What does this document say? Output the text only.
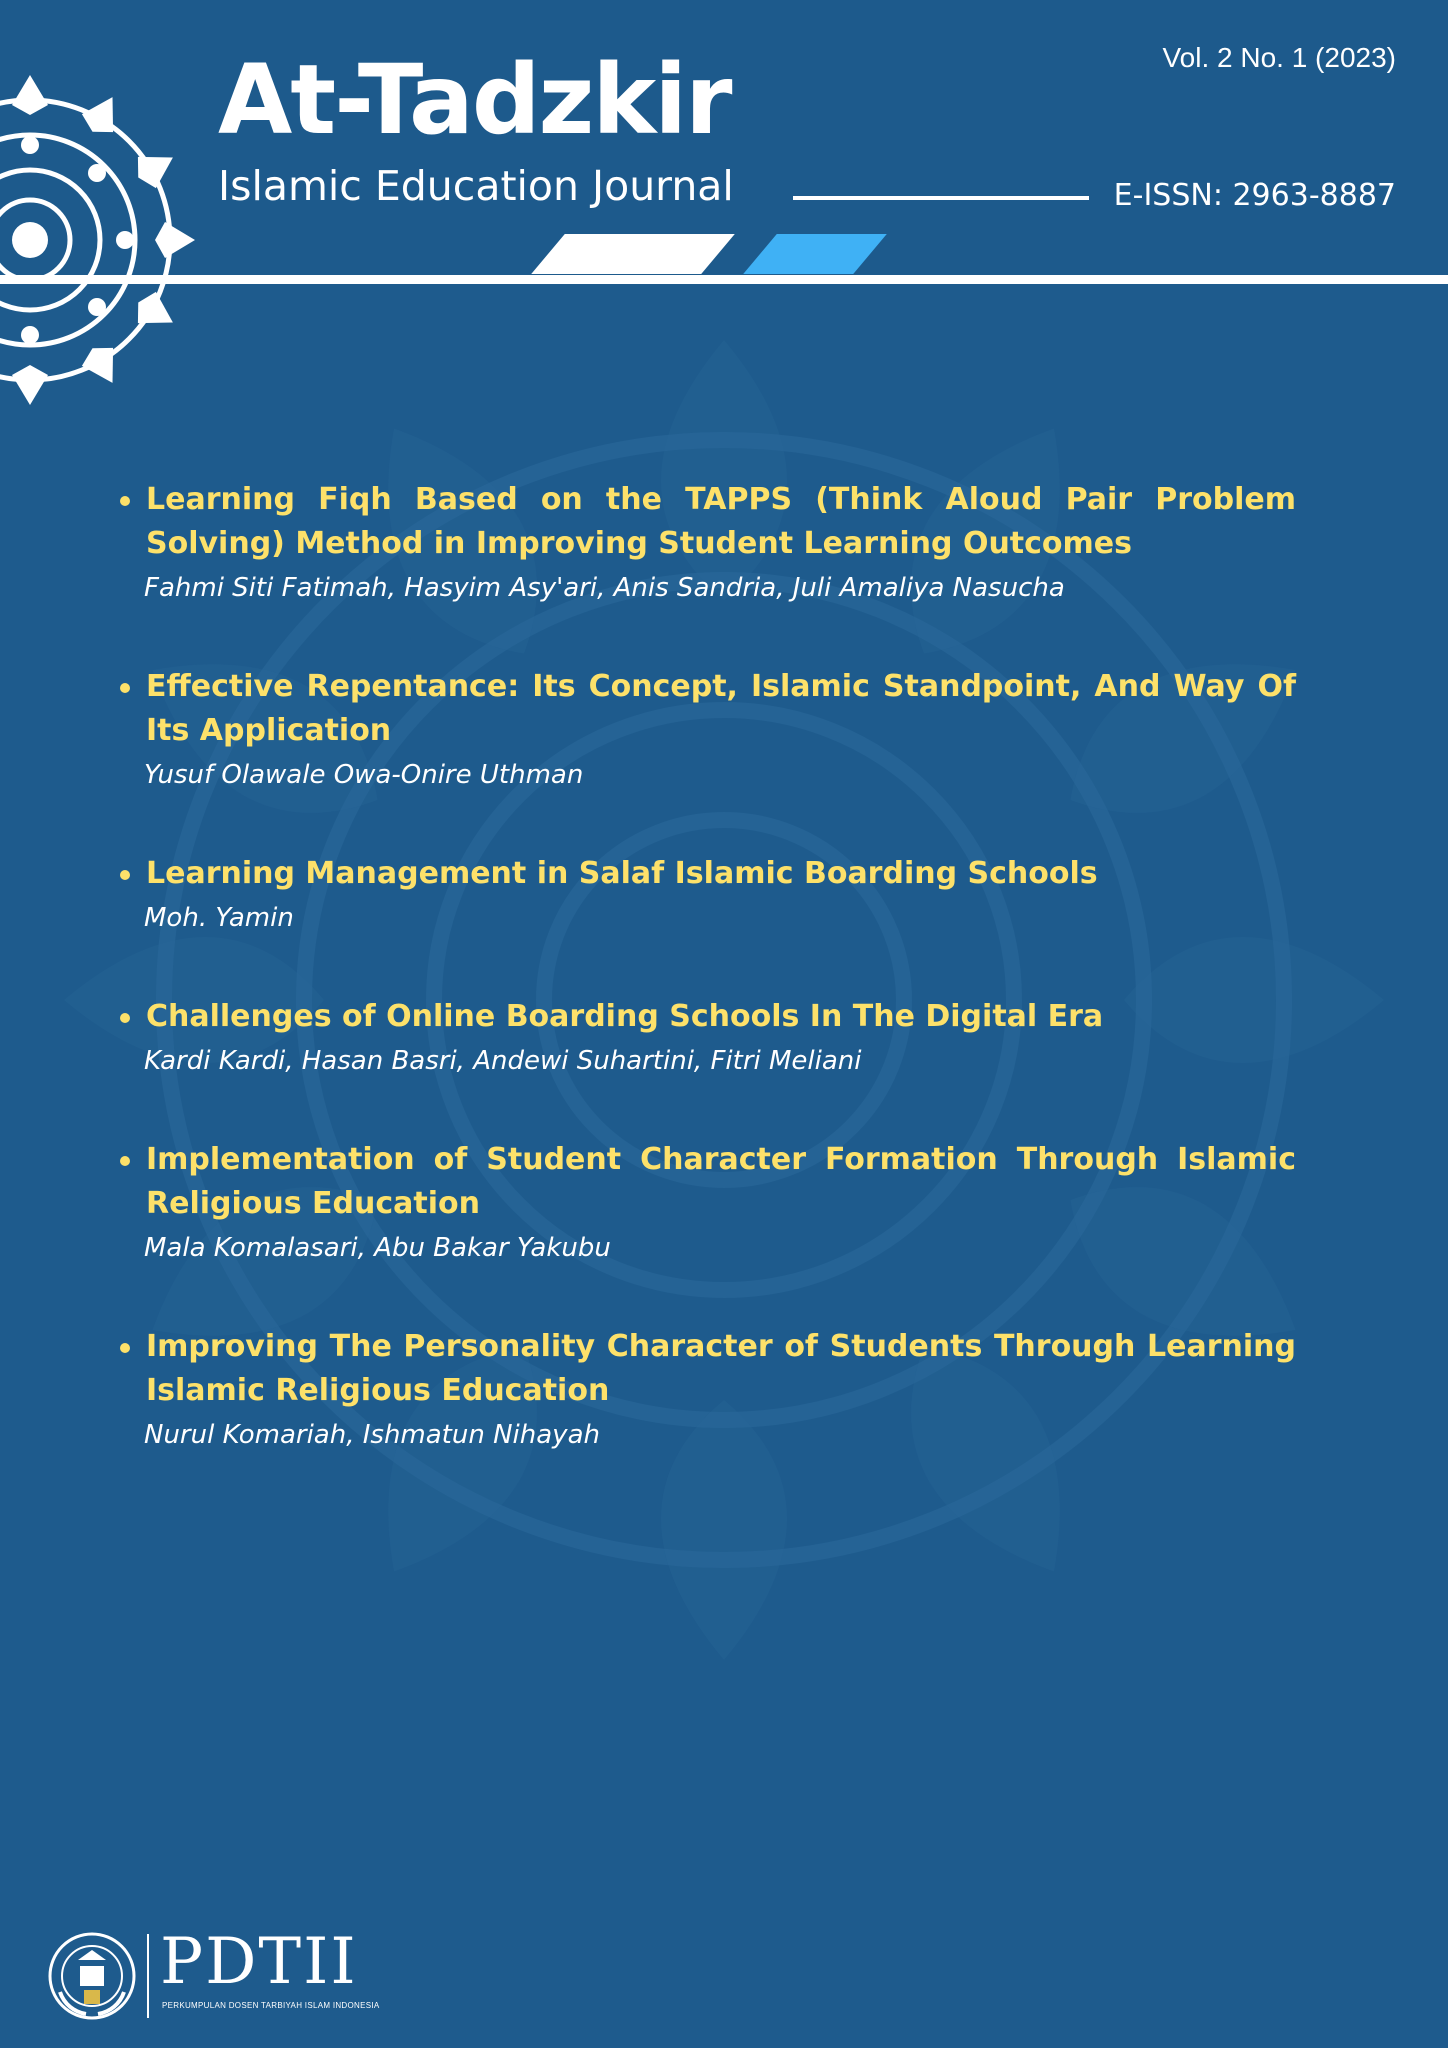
At-Tadzkir
Islamic Education Journal
Vol. 2 No. 1 (2023)
E-ISSN: 2963-8887
Learning Fiqh Based on the TAPPS (Think Aloud Pair Problem Solving) Method in Improving Student Learning Outcomes
Fahmi Siti Fatimah, Hasyim Asy'ari, Anis Sandria, Juli Amaliya Nasucha
Effective Repentance: Its Concept, Islamic Standpoint, And Way Of Its Application
Yusuf Olawale Owa-Onire Uthman
Learning Management in Salaf Islamic Boarding Schools
Moh. Yamin
Challenges of Online Boarding Schools In The Digital Era
Kardi Kardi, Hasan Basri, Andewi Suhartini, Fitri Meliani
Implementation of Student Character Formation Through Islamic Religious Education
Mala Komalasari, Abu Bakar Yakubu
Improving The Personality Character of Students Through Learning Islamic Religious Education
Nurul Komariah, Ishmatun Nihayah
PDTII
PERKUMPULAN DOSEN TARBIYAH ISLAM INDONESIA
